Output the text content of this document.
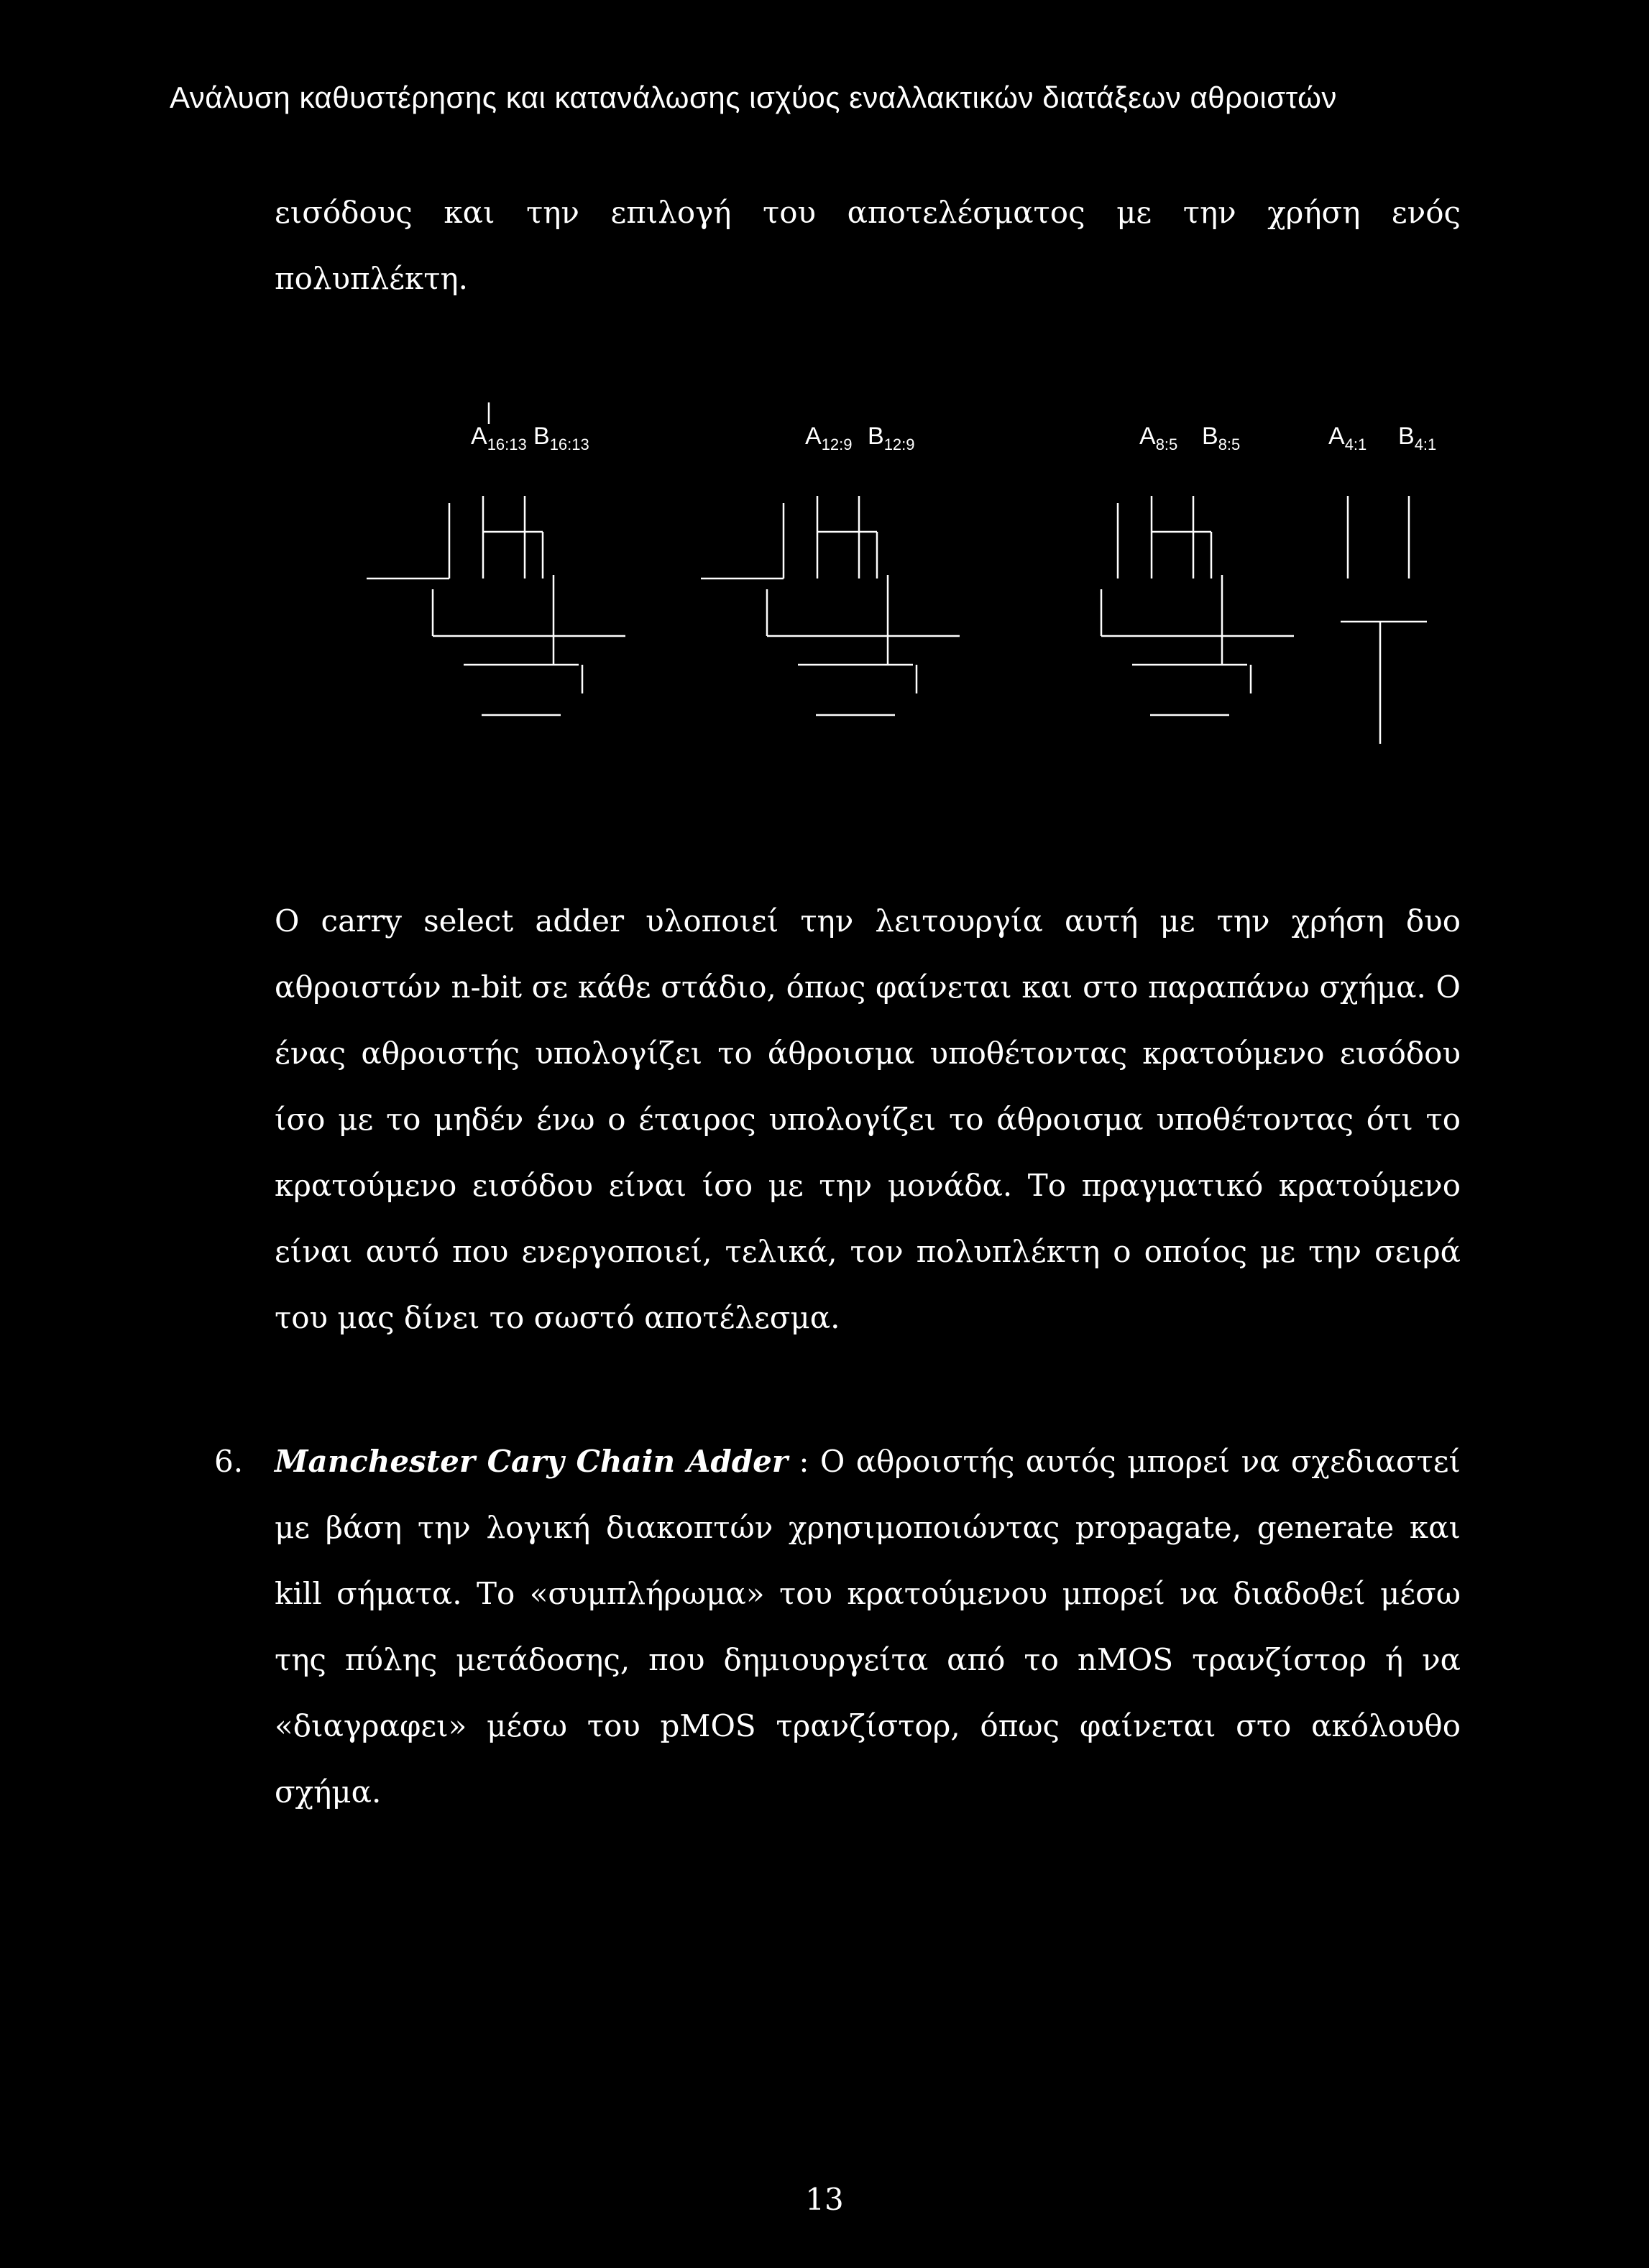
Ανάλυση καθυστέρησης και κατανάλωσης ισχύος εναλλακτικών διατάξεων αθροιστών

εισόδους και την επιλογή του αποτελέσματος με την χρήση ενός πολυπλέκτη.

$A_{16:13}$ $B_{16:13}$	$A_{12:9}$ $B_{12:9}$	$A_{8:5}$ $B_{8:5}$	$A_{4:1}$ $B_{4:1}$

Ο carry select adder υλοποιεί την λειτουργία αυτή με την χρήση δυο αθροιστών n-bit σε κάθε στάδιο, όπως φαίνεται και στο παραπάνω σχήμα. Ο ένας αθροιστής υπολογίζει το άθροισμα υποθέτοντας κρατούμενο εισόδου ίσο με το μηδέν ένω ο έταιρος υπολογίζει το άθροισμα υποθέτοντας ότι το κρατούμενο εισόδου είναι ίσο με την μονάδα. Το πραγματικό κρατούμενο είναι αυτό που ενεργοποιεί, τελικά, τον πολυπλέκτη ο οποίος με την σειρά του μας δίνει το σωστό αποτέλεσμα.

6. Manchester Cary Chain Adder : Ο αθροιστής αυτός μπορεί να σχεδιαστεί με βάση την λογική διακοπτών χρησιμοποιώντας propagate, generate και kill σήματα. Το «συμπλήρωμα» του κρατούμενου μπορεί να διαδοθεί μέσω της πύλης μετάδοσης, που δημιουργείτα από το nMOS τρανζίστορ ή να «διαγραφει» μέσω του pMOS τρανζίστορ, όπως φαίνεται στο ακόλουθο σχήμα.

13
